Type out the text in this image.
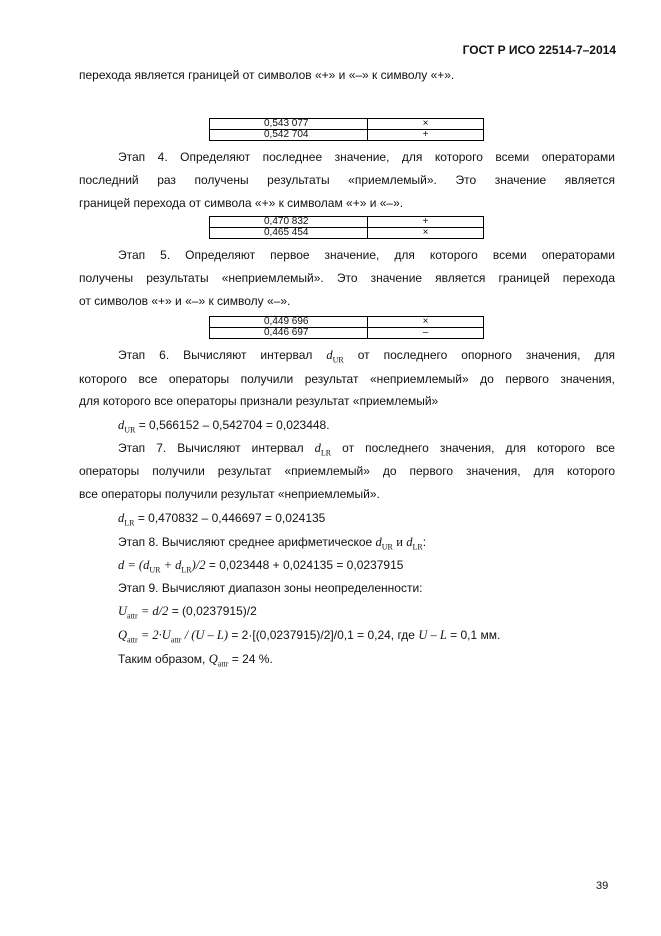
ГОСТ Р ИСО 22514-7–2014
перехода является границей от символов «+» и «–» к символу «+».
0,543 077	×
0,542 704	+
Этап 4. Определяют последнее значение, для которого всеми операторами
последний раз получены результаты «приемлемый». Это значение является
границей перехода от символа «+» к символам «+» и «–».
0,470 832	+
0,465 454	×
Этап 5. Определяют первое значение, для которого всеми операторами
получены результаты «неприемлемый». Это значение является границей перехода
от символов «+» и «–» к символу «–».
0,449 696	×
0,446 697	–
Этап 6. Вычисляют интервал $d_{UR}$ от последнего опорного значения, для
которого все операторы получили результат «неприемлемый» до первого значения,
для которого все операторы признали результат «приемлемый»
$d_{UR} = 0,566152 - 0,542704 = 0,023448$.
Этап 7. Вычисляют интервал $d_{LR}$ от последнего значения, для которого все
операторы получили результат «приемлемый» до первого значения, для которого
все операторы получили результат «неприемлемый».
$d_{LR} = 0,470832 - 0,446697 = 0,024135$
Этап 8. Вычисляют среднее арифметическое $d_{UR}$ и $d_{LR}$:
$d = (d_{UR} + d_{LR})/2 = 0,023448 + 0,024135 = 0,0237915$
Этап 9. Вычисляют диапазон зоны неопределенности:
$U_{attr} = d/2 = (0,0237915)/2$
$Q_{attr} = 2\cdot U_{attr} / (U - L) = 2\cdot[(0,0237915)/2]/0,1 = 0,24$, где U – L = 0,1 мм.
Таким образом, $Q_{attr} = 24$ %.
39
